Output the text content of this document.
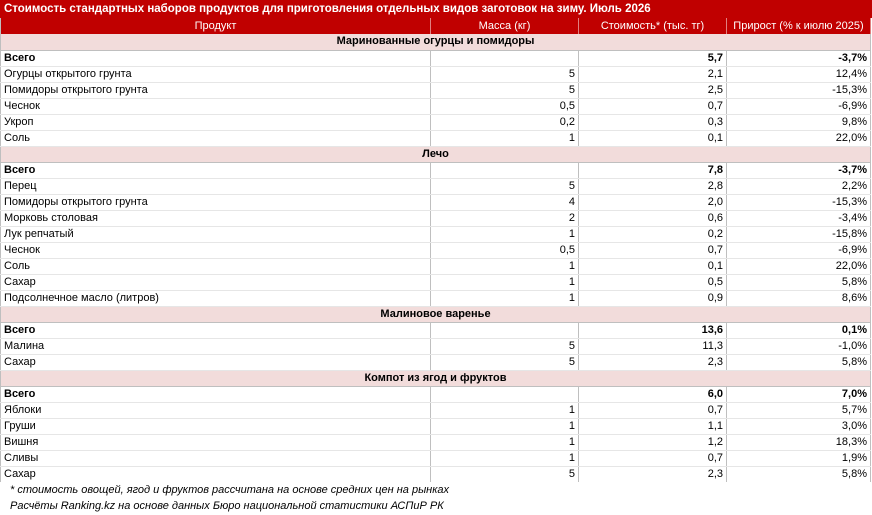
Стоимость стандартных наборов продуктов для приготовления отдельных видов заготовок на зиму. Июль 2026
Продукт	Масса (кг)	Стоимость* (тыс. тг)	Прирост (% к июлю 2025)
Маринованные огурцы и помидоры			
Всего		5,7	-3,7%
Огурцы открытого грунта	5	2,1	12,4%
Помидоры открытого грунта	5	2,5	-15,3%
Чеснок	0,5	0,7	-6,9%
Укроп	0,2	0,3	9,8%
Соль	1	0,1	22,0%
Лечо			
Всего		7,8	-3,7%
Перец	5	2,8	2,2%
Помидоры открытого грунта	4	2,0	-15,3%
Морковь столовая	2	0,6	-3,4%
Лук репчатый	1	0,2	-15,8%
Чеснок	0,5	0,7	-6,9%
Соль	1	0,1	22,0%
Сахар	1	0,5	5,8%
Подсолнечное масло (литров)	1	0,9	8,6%
Малиновое варенье			
Всего		13,6	0,1%
Малина	5	11,3	-1,0%
Сахар	5	2,3	5,8%
Компот из ягод и фруктов			
Всего		6,0	7,0%
Яблоки	1	0,7	5,7%
Груши	1	1,1	3,0%
Вишня	1	1,2	18,3%
Сливы	1	0,7	1,9%
Сахар	5	2,3	5,8%
* стоимость овощей, ягод и фруктов рассчитана на основе средних цен на рынках
Расчёты Ranking.kz на основе данных Бюро национальной статистики АСПиР РК
